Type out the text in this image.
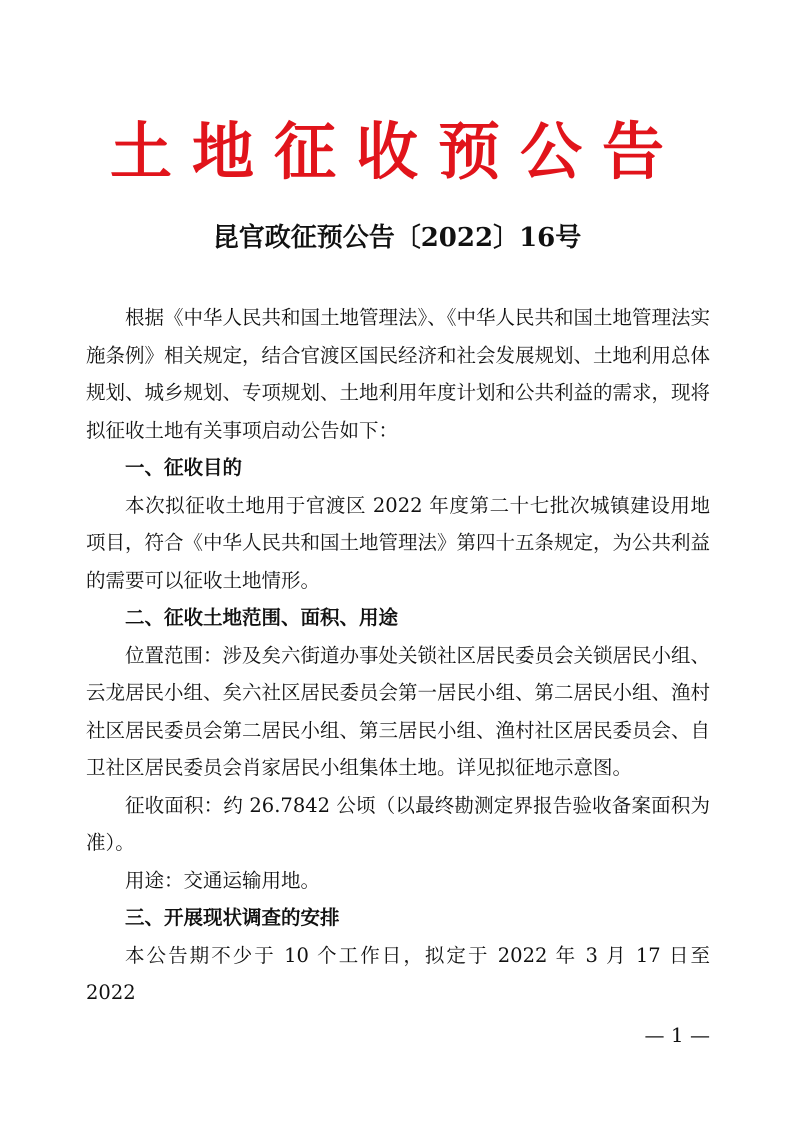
土地征收预公告
昆官政征预公告〔2022〕16号

根据《中华人民共和国土地管理法》、《中华人民共和国土地管理法实施条例》相关规定，结合官渡区国民经济和社会发展规划、土地利用总体规划、城乡规划、专项规划、土地利用年度计划和公共利益的需求，现将拟征收土地有关事项启动公告如下：

一、征收目的

本次拟征收土地用于官渡区 2022 年度第二十七批次城镇建设用地项目，符合《中华人民共和国土地管理法》第四十五条规定，为公共利益的需要可以征收土地情形。

二、征收土地范围、面积、用途

位置范围：涉及矣六街道办事处关锁社区居民委员会关锁居民小组、云龙居民小组、矣六社区居民委员会第一居民小组、第二居民小组、渔村社区居民委员会第二居民小组、第三居民小组、渔村社区居民委员会、自卫社区居民委员会肖家居民小组集体土地。详见拟征地示意图。

征收面积：约 26.7842 公顷（以最终勘测定界报告验收备案面积为准）。

用途：交通运输用地。

三、开展现状调查的安排

本公告期不少于 10 个工作日，拟定于 2022 年 3 月 17 日至 2022

— 1 —
